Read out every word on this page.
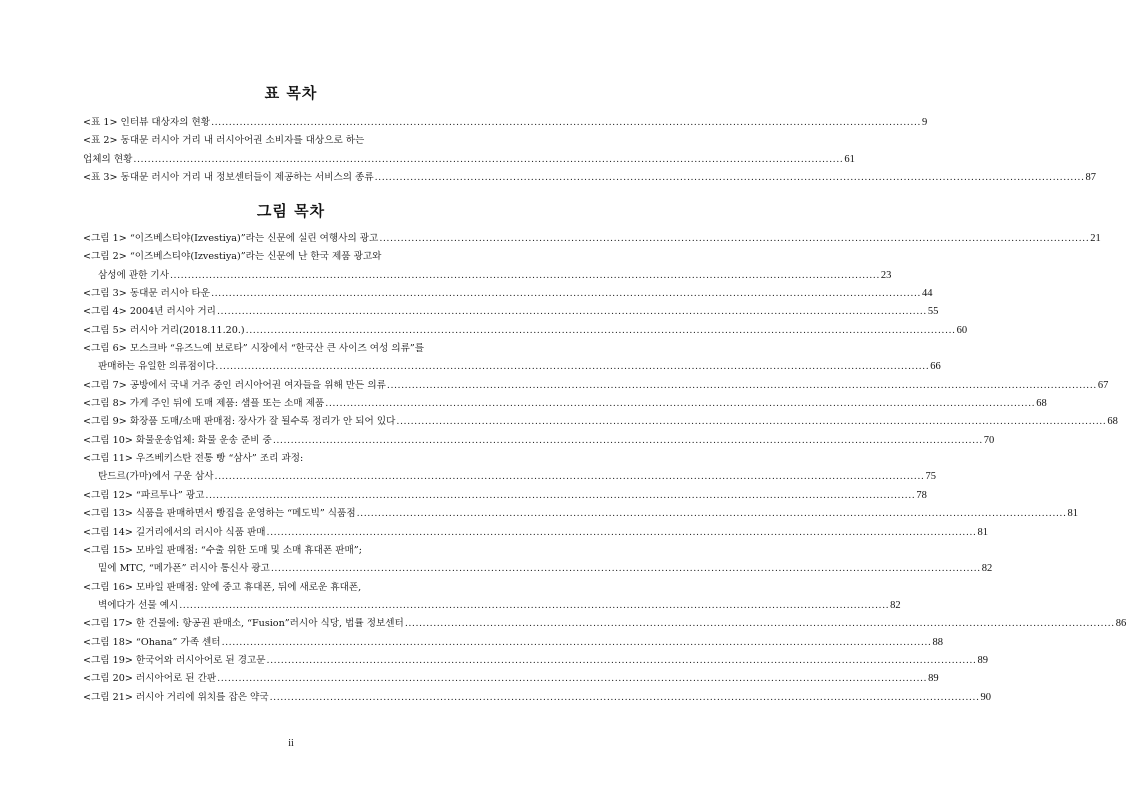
표 목차
<표 1> 인터뷰 대상자의 현황 ........................................................................................................................................................................................................ 9
<표 2> 동대문 러시아 거리 내 러시아어권 소비자를 대상으로 하는
업체의 현황 ........................................................................................................................................................................................................ 61
<표 3> 동대문 러시아 거리 내 정보센터들이 제공하는 서비스의 종류 ........................................................................................................................................................................................................ 87
그림 목차
<그림 1> “이즈베스티야(Izvestiya)”라는 신문에 실린 여행사의 광고 ........................................................................................................................................................................................................ 21
<그림 2> “이즈베스티야(Izvestiya)”라는 신문에 난 한국 제품 광고와
삼성에 관한 기사 ........................................................................................................................................................................................................ 23
<그림 3> 동대문 러시아 타운 ........................................................................................................................................................................................................ 44
<그림 4> 2004년 러시아 거리 ........................................................................................................................................................................................................ 55
<그림 5> 러시아 거리(2018.11.20.) ........................................................................................................................................................................................................ 60
<그림 6> 모스크바 “유즈느예 보로타” 시장에서 “한국산 큰 사이즈 여성 의류”를
판매하는 유일한 의류점이다. ........................................................................................................................................................................................................ 66
<그림 7> 공방에서 국내 거주 중인 러시아어권 여자들을 위해 만든 의류 ........................................................................................................................................................................................................ 67
<그림 8> 가게 주인 뒤에 도매 제품: 샘플 또는 소매 제품 ........................................................................................................................................................................................................ 68
<그림 9> 화장품 도매/소매 판매점: 장사가 잘 될수록 정리가 안 되어 있다 ........................................................................................................................................................................................................ 68
<그림 10> 화물운송업체: 화물 운송 준비 중 ........................................................................................................................................................................................................ 70
<그림 11> 우즈베키스탄 전통 빵 “삼사” 조리 과정:
탄드르(가마)에서 구운 삼사 ........................................................................................................................................................................................................ 75
<그림 12> “파르투나” 광고 ........................................................................................................................................................................................................ 78
<그림 13> 식품을 판매하면서 빵집을 운영하는 “메도빅” 식품점 ........................................................................................................................................................................................................ 81
<그림 14> 길거리에서의 러시아 식품 판매 ........................................................................................................................................................................................................ 81
<그림 15> 모바일 판매점: “수출 위한 도매 및 소매 휴대폰 판매”;
밑에 MTC, “메가폰” 러시아 통신사 광고 ........................................................................................................................................................................................................ 82
<그림 16> 모바일 판매점: 앞에 중고 휴대폰, 뒤에 새로운 휴대폰,
벽에다가 선물 예시 ........................................................................................................................................................................................................ 82
<그림 17> 한 건물에: 항공권 판매소, “Fusion”러시아 식당, 법률 정보센터 ........................................................................................................................................................................................................ 86
<그림 18> “Ohana” 가족 센터 ........................................................................................................................................................................................................ 88
<그림 19> 한국어와 러시아어로 된 경고문 ........................................................................................................................................................................................................ 89
<그림 20> 러시아어로 된 간판 ........................................................................................................................................................................................................ 89
<그림 21> 러시아 거리에 위치를 잡은 약국 ........................................................................................................................................................................................................ 90
ii
